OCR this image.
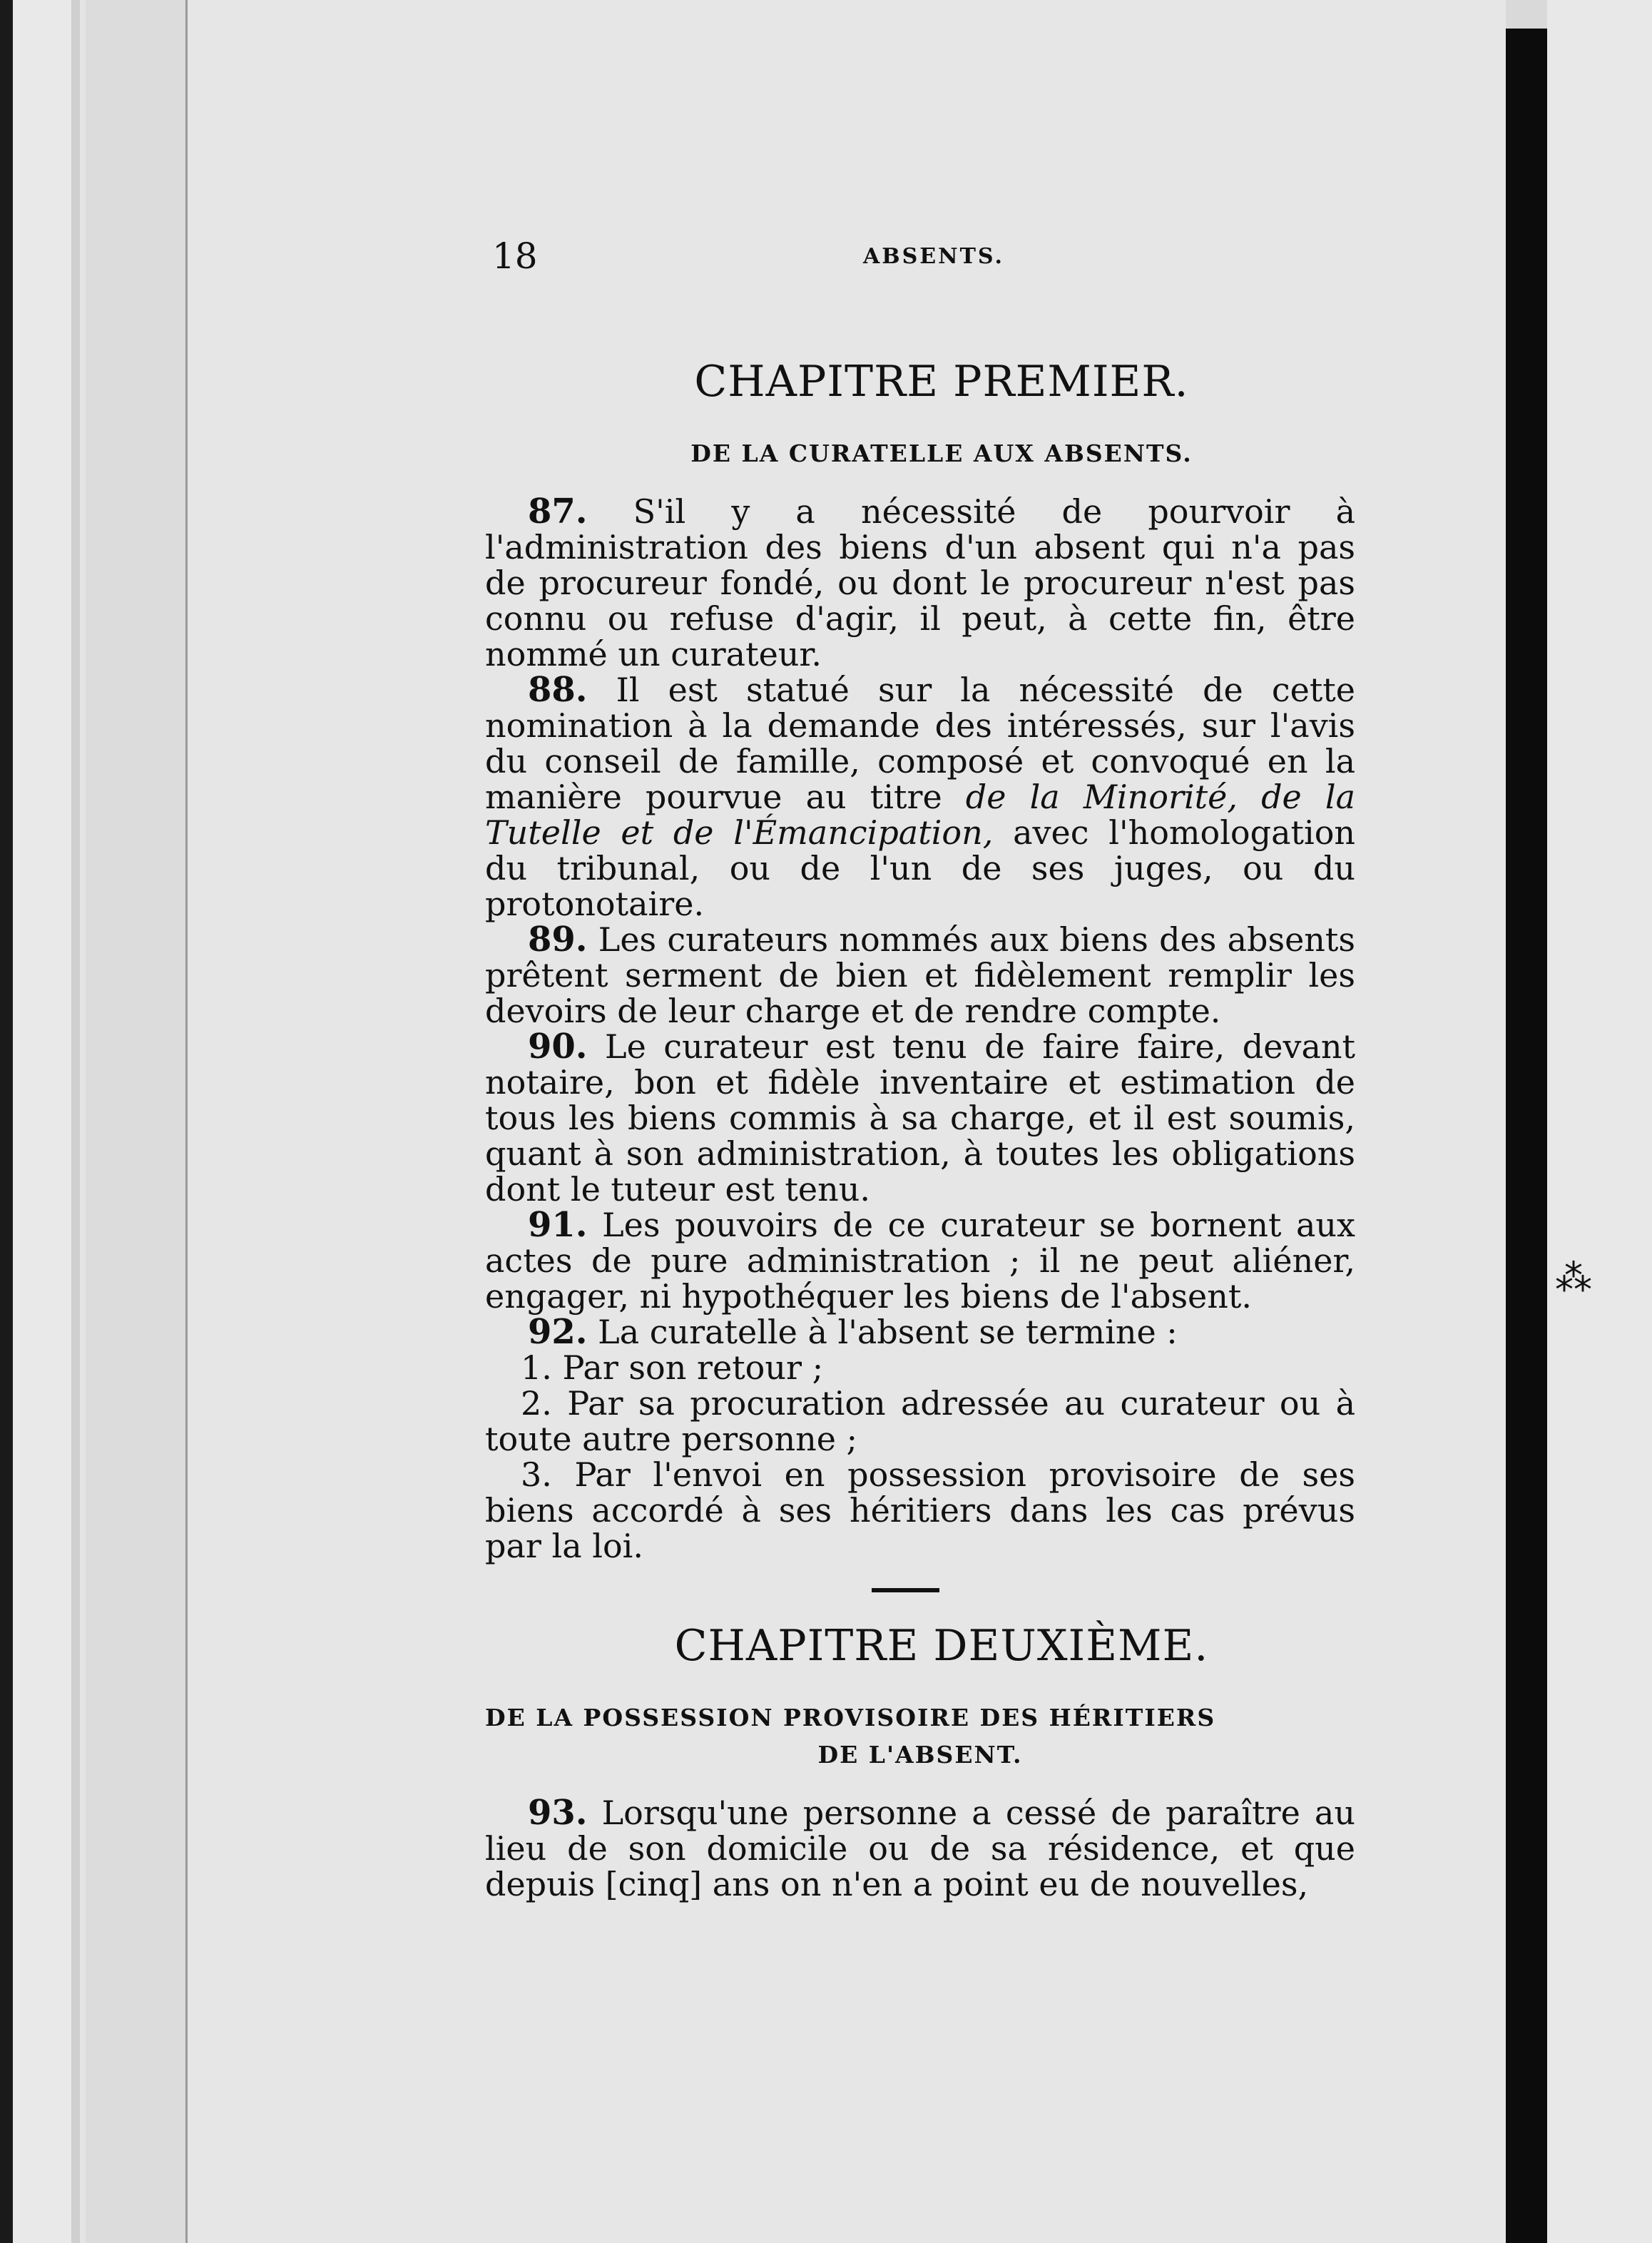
⁂
18	ABSENTS.
CHAPITRE PREMIER.
DE LA CURATELLE AUX ABSENTS.

87. S'il y a nécessité de pourvoir à l'administration des biens d'un absent qui n'a pas de procureur fondé, ou dont le procureur n'est pas connu ou refuse d'agir, il peut, à cette fin, être nommé un curateur.

88. Il est statué sur la nécessité de cette nomination à la demande des intéressés, sur l'avis du conseil de famille, composé et convoqué en la manière pourvue au titre de la Minorité, de la Tutelle et de l'Émancipation, avec l'homologation du tribunal, ou de l'un de ses juges, ou du protonotaire.

89. Les curateurs nommés aux biens des absents prêtent serment de bien et fidèlement remplir les devoirs de leur charge et de rendre compte.

90. Le curateur est tenu de faire faire, devant notaire, bon et fidèle inventaire et estimation de tous les biens commis à sa charge, et il est soumis, quant à son administration, à toutes les obligations dont le tuteur est tenu.

91. Les pouvoirs de ce curateur se bornent aux actes de pure administration ; il ne peut aliéner, engager, ni hypothéquer les biens de l'absent.

92. La curatelle à l'absent se termine :

1. Par son retour ;

2. Par sa procuration adressée au curateur ou à toute autre personne ;

3. Par l'envoi en possession provisoire de ses biens accordé à ses héritiers dans les cas prévus par la loi.

CHAPITRE DEUXIÈME.
DE LA POSSESSION PROVISOIRE DES HÉRITIERS
DE L'ABSENT.

93. Lorsqu'une personne a cessé de paraître au lieu de son domicile ou de sa résidence, et que depuis [cinq] ans on n'en a point eu de nouvelles,
